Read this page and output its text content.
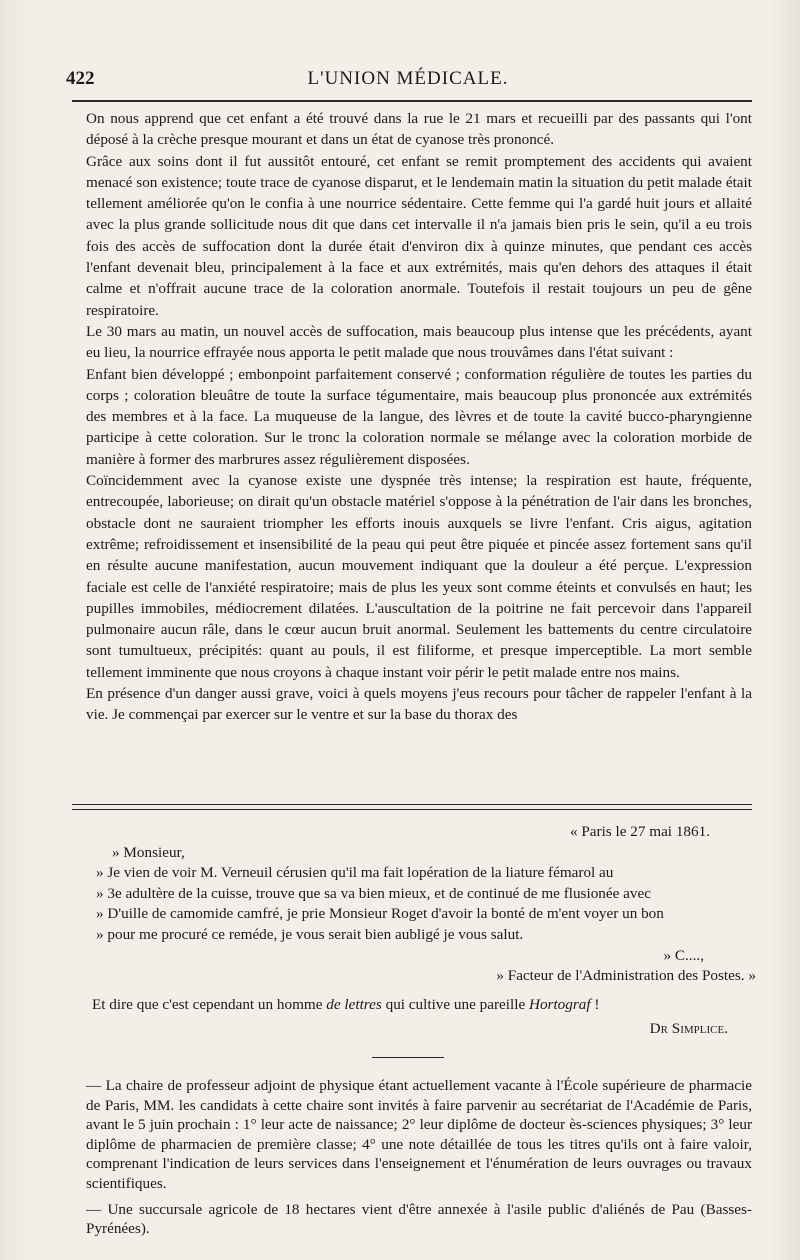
422	L'UNION MÉDICALE.

On nous apprend que cet enfant a été trouvé dans la rue le 21 mars et recueilli par des passants qui l'ont déposé à la crèche presque mourant et dans un état de cyanose très prononcé.

Grâce aux soins dont il fut aussitôt entouré, cet enfant se remit promptement des accidents qui avaient menacé son existence; toute trace de cyanose disparut, et le lendemain matin la situation du petit malade était tellement améliorée qu'on le confia à une nourrice sédentaire. Cette femme qui l'a gardé huit jours et allaité avec la plus grande sollicitude nous dit que dans cet intervalle il n'a jamais bien pris le sein, qu'il a eu trois fois des accès de suffocation dont la durée était d'environ dix à quinze minutes, que pendant ces accès l'enfant devenait bleu, principalement à la face et aux extrémités, mais qu'en dehors des attaques il était calme et n'offrait aucune trace de la coloration anormale. Toutefois il restait toujours un peu de gêne respiratoire.

Le 30 mars au matin, un nouvel accès de suffocation, mais beaucoup plus intense que les précédents, ayant eu lieu, la nourrice effrayée nous apporta le petit malade que nous trouvâmes dans l'état suivant :

Enfant bien développé ; embonpoint parfaitement conservé ; conformation régulière de toutes les parties du corps ; coloration bleuâtre de toute la surface tégumentaire, mais beaucoup plus prononcée aux extrémités des membres et à la face. La muqueuse de la langue, des lèvres et de toute la cavité bucco-pharyngienne participe à cette coloration. Sur le tronc la coloration normale se mélange avec la coloration morbide de manière à former des marbrures assez régulièrement disposées.

Coïncidemment avec la cyanose existe une dyspnée très intense; la respiration est haute, fréquente, entrecoupée, laborieuse; on dirait qu'un obstacle matériel s'oppose à la pénétration de l'air dans les bronches, obstacle dont ne sauraient triompher les efforts inouis auxquels se livre l'enfant. Cris aigus, agitation extrême; refroidissement et insensibilité de la peau qui peut être piquée et pincée assez fortement sans qu'il en résulte aucune manifestation, aucun mouvement indiquant que la douleur a été perçue. L'expression faciale est celle de l'anxiété respiratoire; mais de plus les yeux sont comme éteints et convulsés en haut; les pupilles immobiles, médiocrement dilatées. L'auscultation de la poitrine ne fait percevoir dans l'appareil pulmonaire aucun râle, dans le cœur aucun bruit anormal. Seulement les battements du centre circulatoire sont tumultueux, précipités: quant au pouls, il est filiforme, et presque imperceptible. La mort semble tellement imminente que nous croyons à chaque instant voir périr le petit malade entre nos mains.

En présence d'un danger aussi grave, voici à quels moyens j'eus recours pour tâcher de rappeler l'enfant à la vie. Je commençai par exercer sur le ventre et sur la base du thorax des

« Paris le 27 mai 1861.
» Monsieur,
» Je vien de voir M. Verneuil cérusien qu'il ma fait lopération de la liature fémarol au
» 3e adultère de la cuisse, trouve que sa va bien mieux, et de continué de me flusionée avec
» D'uille de camomide camfré, je prie Monsieur Roget d'avoir la bonté de m'ent voyer un bon
» pour me procuré ce reméde, je vous serait bien aubligé je vous salut.
» C....,
» Facteur de l'Administration des Postes. »
Et dire que c'est cependant un homme de lettres qui cultive une pareille Hortograf !
Dr Simplice.

— La chaire de professeur adjoint de physique étant actuellement vacante à l'École supérieure de pharmacie de Paris, MM. les candidats à cette chaire sont invités à faire parvenir au secrétariat de l'Académie de Paris, avant le 5 juin prochain : 1° leur acte de naissance; 2° leur diplôme de docteur ès-sciences physiques; 3° leur diplôme de pharmacien de première classe; 4° une note détaillée de tous les titres qu'ils ont à faire valoir, comprenant l'indication de leurs services dans l'enseignement et l'énumération de leurs ouvrages ou travaux scientifiques.

— Une succursale agricole de 18 hectares vient d'être annexée à l'asile public d'aliénés de Pau (Basses-Pyrénées).
